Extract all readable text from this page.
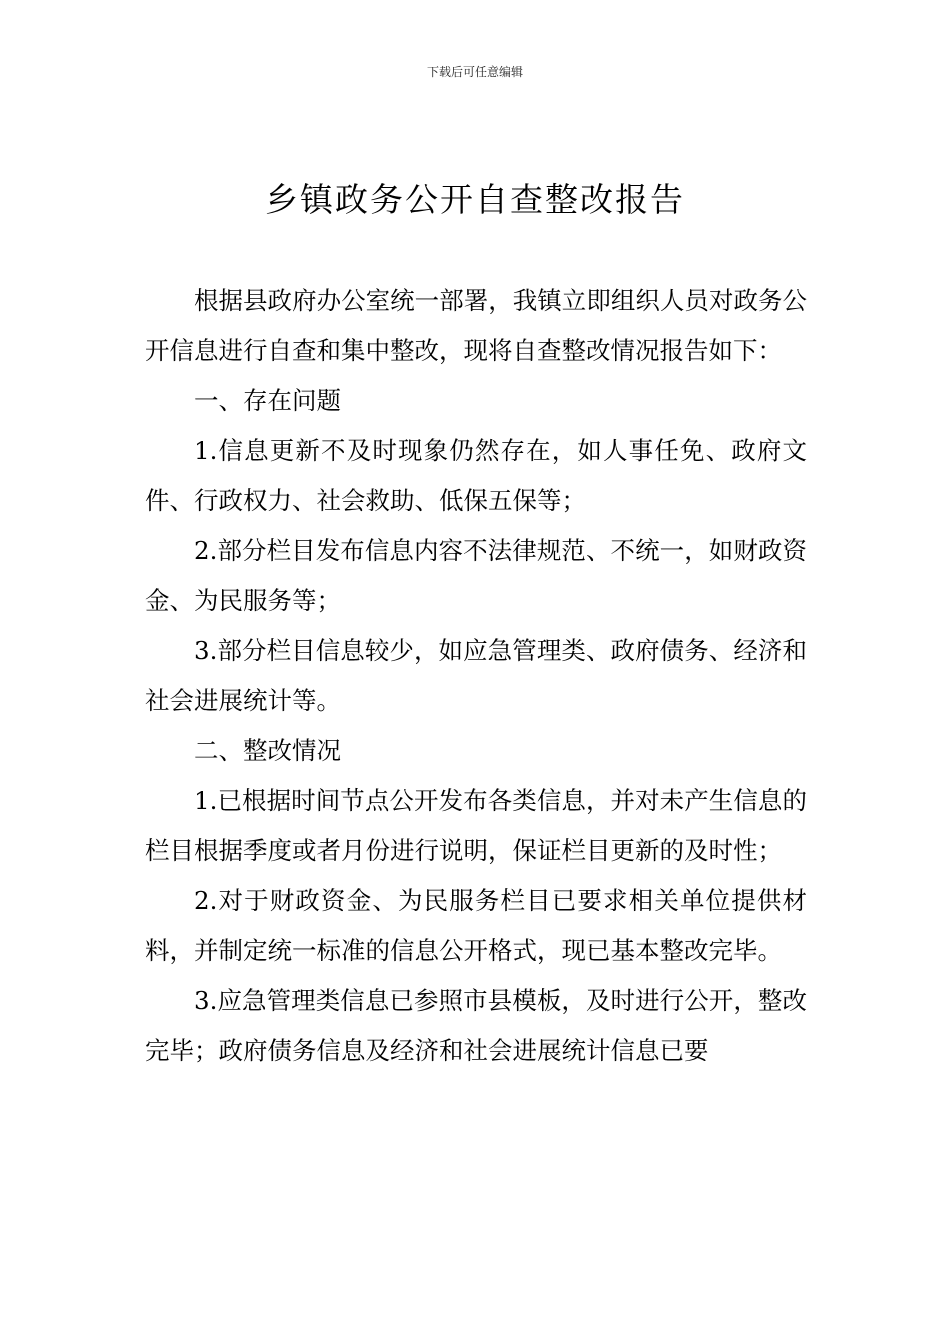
下载后可任意编辑
乡镇政务公开自查整改报告

根据县政府办公室统一部署，我镇立即组织人员对政务公开信息进行自查和集中整改，现将自查整改情况报告如下：

一、存在问题

1.信息更新不及时现象仍然存在，如人事任免、政府文件、行政权力、社会救助、低保五保等；

2.部分栏目发布信息内容不法律规范、不统一，如财政资金、为民服务等；

3.部分栏目信息较少，如应急管理类、政府债务、经济和社会进展统计等。

二、整改情况

1.已根据时间节点公开发布各类信息，并对未产生信息的栏目根据季度或者月份进行说明，保证栏目更新的及时性；

2.对于财政资金、为民服务栏目已要求相关单位提供材料，并制定统一标准的信息公开格式，现已基本整改完毕。

3.应急管理类信息已参照市县模板，及时进行公开，整改完毕；政府债务信息及经济和社会进展统计信息已要
